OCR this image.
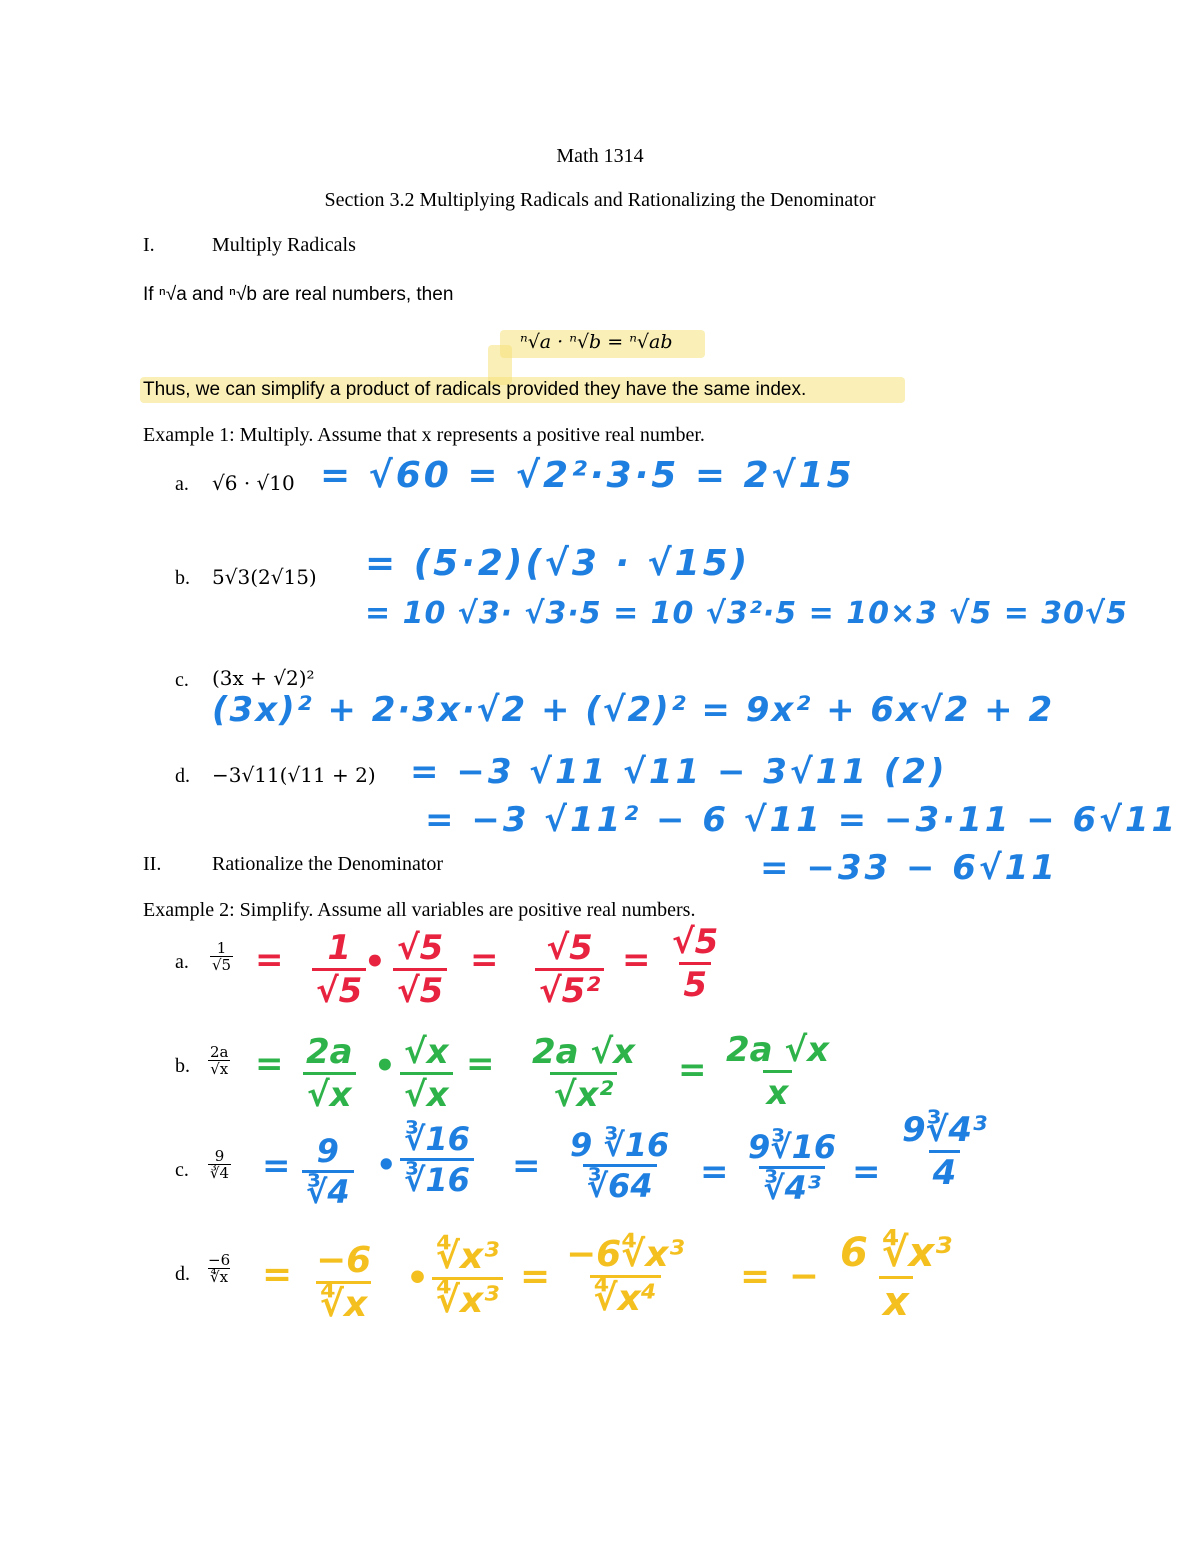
Math 1314
Section 3.2 Multiplying Radicals and Rationalizing the Denominator
I.	Multiply Radicals
If ⁿ√a and ⁿ√b are real numbers, then
ⁿ√a · ⁿ√b = ⁿ√ab
Thus, we can simplify a product of radicals provided they have the same index.
Example 1: Multiply. Assume that x represents a positive real number.
a. √6 · √10 = √60 = √2²·3·5 = 2√15
b. 5√3(2√15) = (5·2)(√3 · √15)
= 10 √3· √3·5 = 10 √3²·5 = 10×3 √5 = 30√5
c. (3x + √2)²
(3x)² + 2·3x·√2 + (√2)² = 9x² + 6x√2 + 2
d. −3√11(√11 + 2) = −3 √11 √11 − 3√11 (2)
= −3 √11² − 6 √11 = −3·11 − 6√11
= −33 − 6√11
II.	Rationalize the Denominator
Example 2: Simplify. Assume all variables are positive real numbers.
a. $\frac{1}{√5} = \frac{1}{√5}$
• $\frac{√5}{√5} = \frac{√5}{\text{√5²}} = \frac{√5}{5}$
b. $\frac{2a}{√x} = \frac{2a}{√x}$ • $\frac{√x}{√x} = \frac{2a √x}{\text{√x²}} = \frac{2a √x}{x}$
c. $\frac{9}{∛4} = \frac{9}{∛4}$ • $\frac{∛16}{∛16} = \frac{9 ∛16}{∛64} = \frac{9∛16}{\text{∛4³}} = \frac{\text{9∛4³}}{4}$
d. $\frac{-6}{∜x} = \frac{-6}{∜x}$ • $\frac{\text{∜x³}}{\text{∜x³}} = \frac{\text{−6∜x³}}{\text{∜x⁴}}$ = − $\frac{\text{6 ∜x³}}{x}$
